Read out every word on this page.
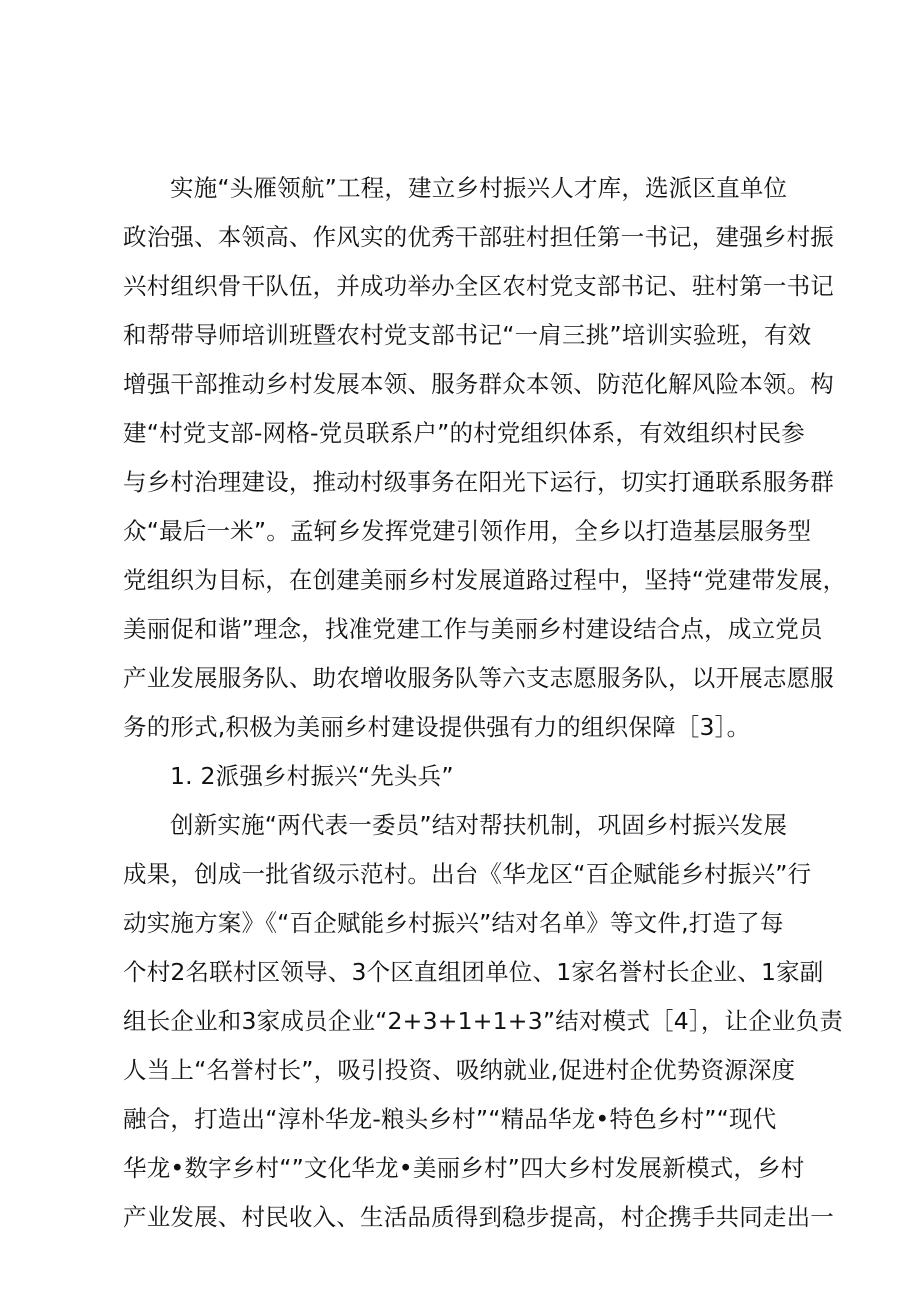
实施“头雁领航”工程，建立乡村振兴人才库，选派区直单位
政治强、本领高、作风实的优秀干部驻村担任第一书记，建强乡村振
兴村组织骨干队伍，并成功举办全区农村党支部书记、驻村第一书记
和帮带导师培训班暨农村党支部书记“一肩三挑”培训实验班，有效
增强干部推动乡村发展本领、服务群众本领、防范化解风险本领。构
建“村党支部-网格-党员联系户”的村党组织体系，有效组织村民参
与乡村治理建设，推动村级事务在阳光下运行，切实打通联系服务群
众“最后一米”。孟轲乡发挥党建引领作用，全乡以打造基层服务型
党组织为目标，在创建美丽乡村发展道路过程中，坚持“党建带发展，
美丽促和谐”理念，找准党建工作与美丽乡村建设结合点，成立党员
产业发展服务队、助农增收服务队等六支志愿服务队，以开展志愿服
务的形式,积极为美丽乡村建设提供强有力的组织保障［3］。
1. 2派强乡村振兴“先头兵”
创新实施“两代表一委员”结对帮扶机制，巩固乡村振兴发展
成果，创成一批省级示范村。出台《华龙区“百企赋能乡村振兴”行
动实施方案》《“百企赋能乡村振兴”结对名单》等文件,打造了每
个村2名联村区领导、3个区直组团单位、1家名誉村长企业、1家副
组长企业和3家成员企业“2+3+1+1+3”结对模式［4］，让企业负责
人当上“名誉村长”，吸引投资、吸纳就业,促进村企优势资源深度
融合，打造出“淳朴华龙-粮头乡村”“精品华龙•特色乡村”“现代
华龙•数字乡村“”文化华龙•美丽乡村”四大乡村发展新模式，乡村
产业发展、村民收入、生活品质得到稳步提高，村企携手共同走出一
